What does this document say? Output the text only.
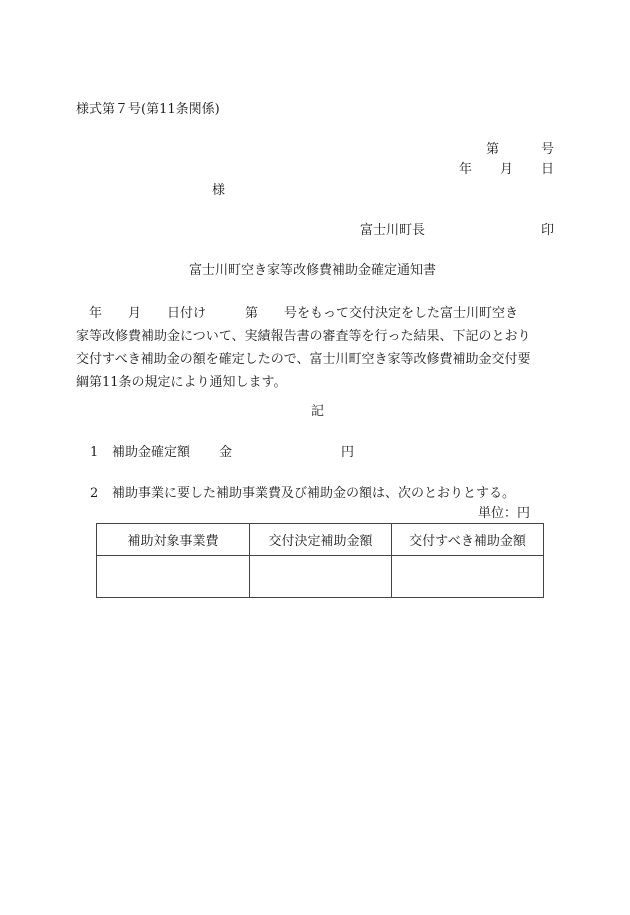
様式第７号(第11条関係)
第	号
年 月 日
様
富士川町長	印
富士川町空き家等改修費補助金確定通知書
　年　　月　　日付け　　　第　　号をもって交付決定をした富士川町空き
家等改修費補助金について、実績報告書の審査等を行った結果、下記のとおり
交付すべき補助金の額を確定したので、富士川町空き家等改修費補助金交付要
綱第11条の規定により通知します。
記
1 補助金確定額 金	円
2 補助事業に要した補助事業費及び補助金の額は、次のとおりとする。
単位：円
補助対象事業費	交付決定補助金額	交付すべき補助金額
